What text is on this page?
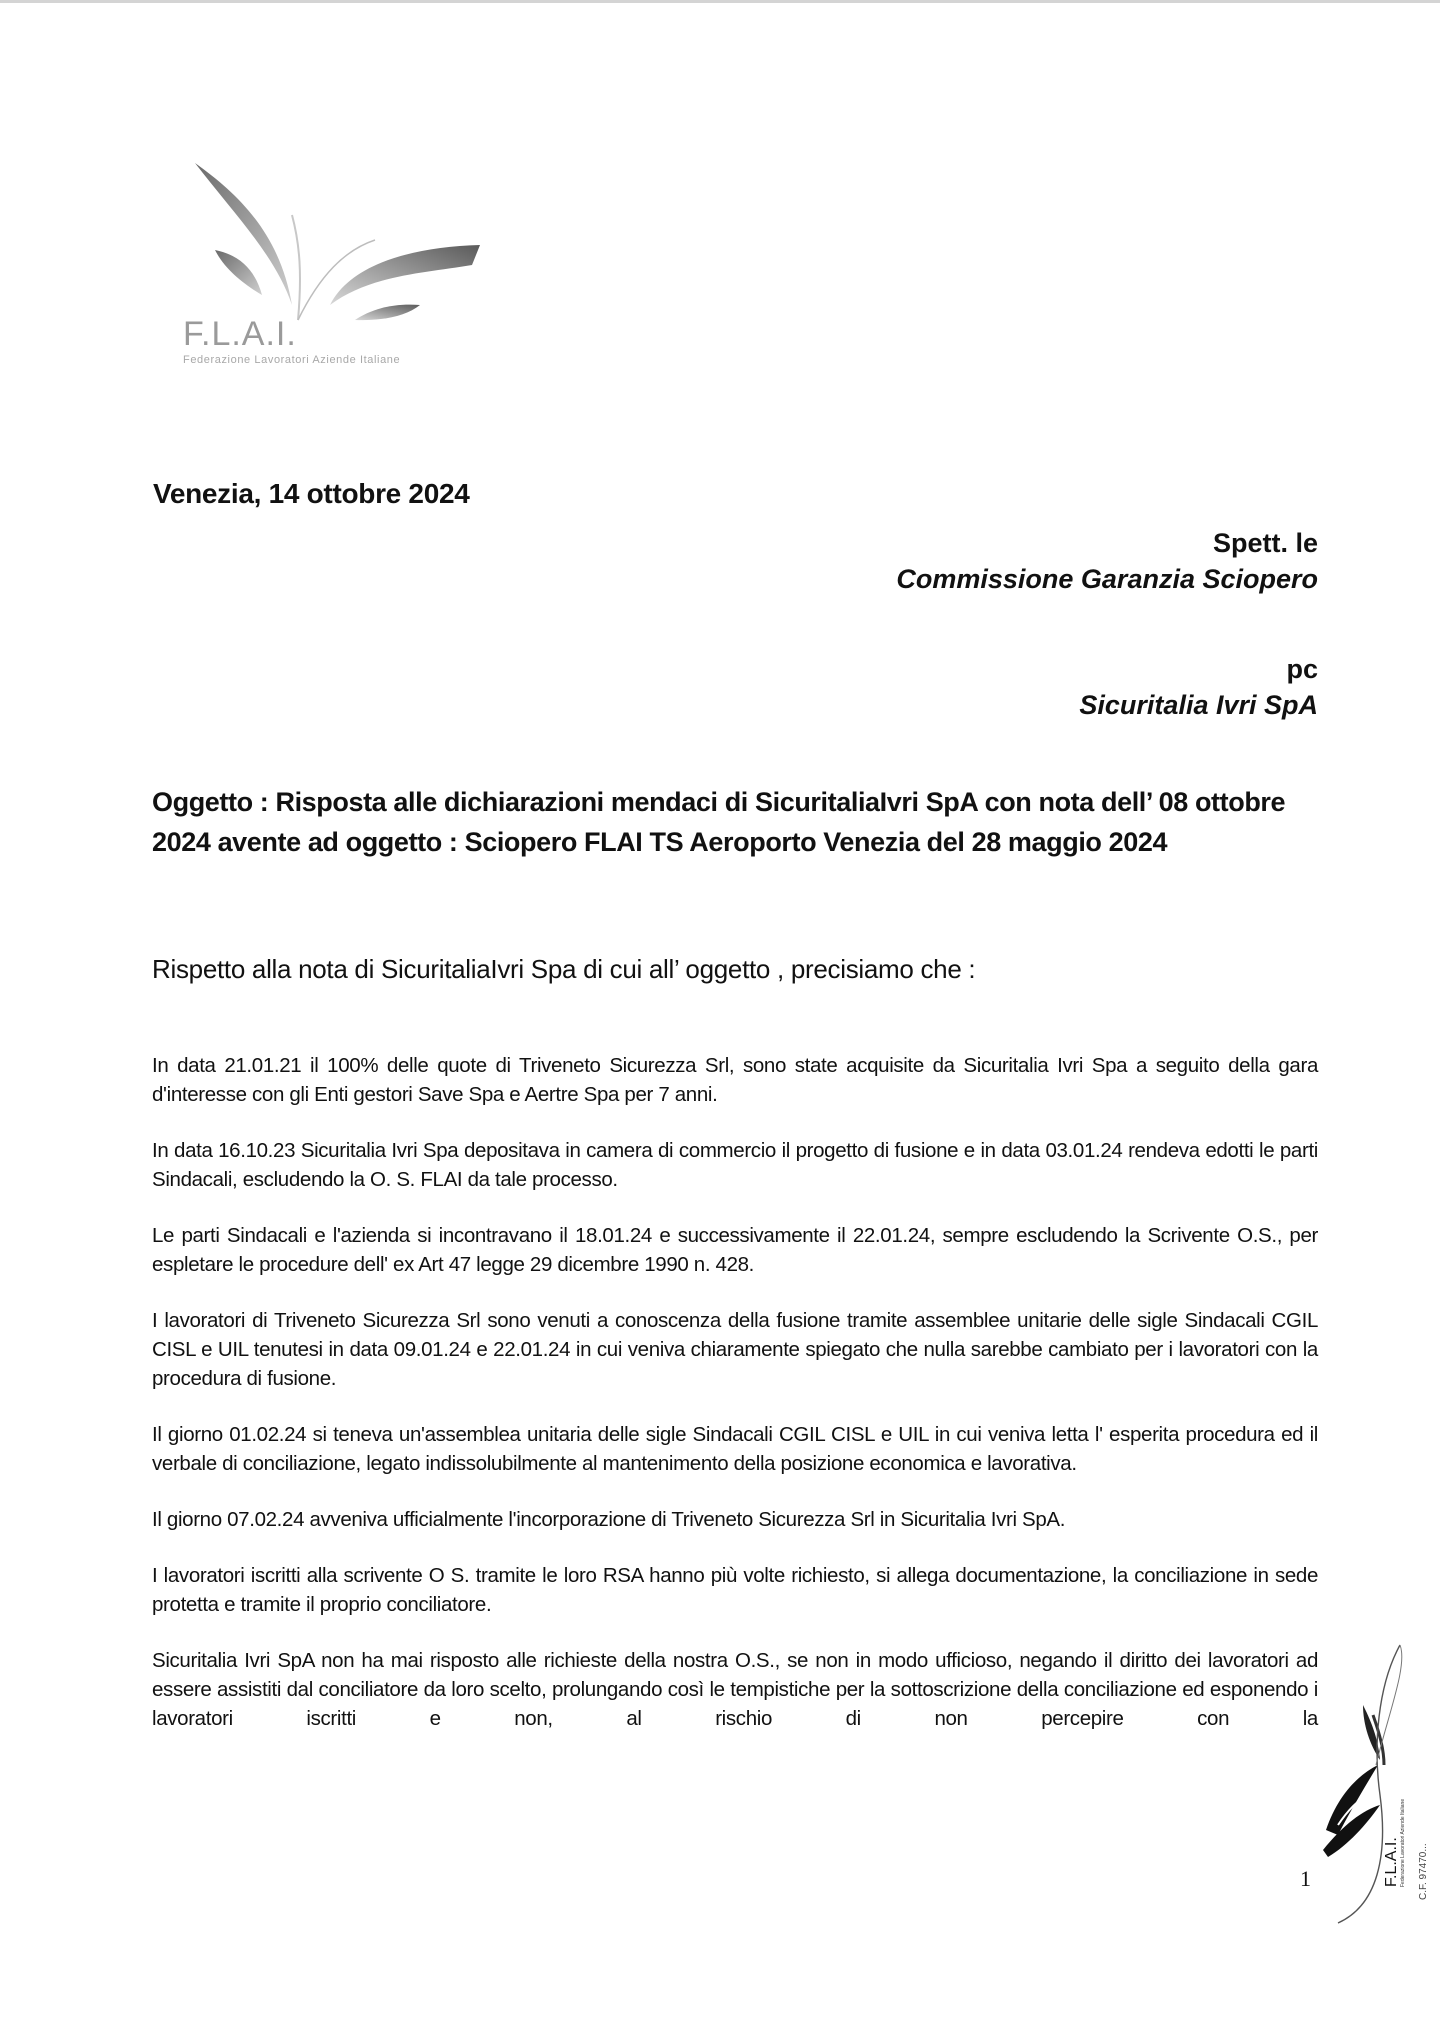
F.L.A.I.
Federazione Lavoratori Aziende Italiane
Venezia, 14 ottobre 2024
Spett. le
Commissione Garanzia Sciopero
pc
Sicuritalia Ivri SpA
Oggetto : Risposta alle dichiarazioni mendaci di SicuritaliaIvri SpA con nota dell’ 08 ottobre 2024 avente ad oggetto : Sciopero FLAI TS Aeroporto Venezia del 28 maggio 2024
Rispetto alla nota di SicuritaliaIvri Spa di cui all’ oggetto , precisiamo che :

In data 21.01.21 il 100% delle quote di Triveneto Sicurezza Srl, sono state acquisite da Sicuritalia Ivri Spa a seguito della gara d'interesse con gli Enti gestori Save Spa e Aertre Spa per 7 anni.

In data 16.10.23 Sicuritalia Ivri Spa depositava in camera di commercio il progetto di fusione e in data 03.01.24 rendeva edotti le parti Sindacali, escludendo la O. S. FLAI da tale processo.

Le parti Sindacali e l'azienda si incontravano il 18.01.24 e successivamente il 22.01.24, sempre escludendo la Scrivente O.S., per espletare le procedure dell' ex Art 47 legge 29 dicembre 1990 n. 428.

I lavoratori di Triveneto Sicurezza Srl sono venuti a conoscenza della fusione tramite assemblee unitarie delle sigle Sindacali CGIL CISL e UIL tenutesi in data 09.01.24 e 22.01.24 in cui veniva chiaramente spiegato che nulla sarebbe cambiato per i lavoratori con la procedura di fusione.

Il giorno 01.02.24 si teneva un'assemblea unitaria delle sigle Sindacali CGIL CISL e UIL in cui veniva letta l' esperita procedura ed il verbale di conciliazione, legato indissolubilmente al mantenimento della posizione economica e lavorativa.

Il giorno 07.02.24 avveniva ufficialmente l'incorporazione di Triveneto Sicurezza Srl in Sicuritalia Ivri SpA.

I lavoratori iscritti alla scrivente O S. tramite le loro RSA hanno più volte richiesto, si allega documentazione, la conciliazione in sede protetta e tramite il proprio conciliatore.

Sicuritalia Ivri SpA non ha mai risposto alle richieste della nostra O.S., se non in modo ufficioso, negando il diritto dei lavoratori ad essere assistiti dal conciliatore da loro scelto, prolungando così le tempistiche per la sottoscrizione della conciliazione ed esponendo i lavoratori iscritti e non, al rischio di non percepire con la

F.L.A.I. Federazione Lavoratori Aziende Italiane C.F. 97470...
1
